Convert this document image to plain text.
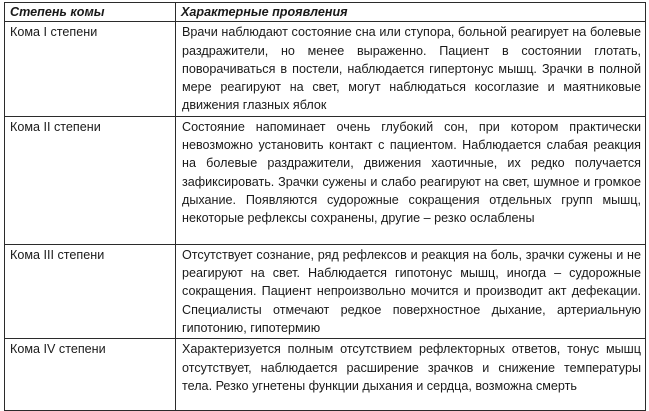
Степень комы	Характерные проявления
Кома I степени	Врачи наблюдают состояние сна или ступора, больной реагирует на болевые раздражители, но менее выраженно. Пациент в состоянии глотать, поворачиваться в постели, наблюдается гипертонус мышц. Зрачки в полной мере реагируют на свет, могут наблюдаться косоглазие и маятниковые движения глазных яблок
Кома II степени	Состояние напоминает очень глубокий сон, при котором практически невозможно установить контакт с пациентом. Наблюдается слабая реакция на болевые раздражители, движения хаотичные, их редко получается зафиксировать. Зрачки сужены и слабо реагируют на свет, шумное и громкое дыхание. Появляются судорожные сокращения отдельных групп мышц, некоторые рефлексы сохранены, другие – резко ослаблены
Кома III степени	Отсутствует сознание, ряд рефлексов и реакция на боль, зрачки сужены и не реагируют на свет. Наблюдается гипотонус мышц, иногда – судорожные сокращения. Пациент непроизвольно мочится и производит акт дефекации. Специалисты отмечают редкое поверхностное дыхание, артериальную гипотонию, гипотермию
Кома IV степени	Характеризуется полным отсутствием рефлекторных ответов, тонус мышц отсутствует, наблюдается расширение зрачков и снижение температуры тела. Резко угнетены функции дыхания и сердца, возможна смерть
